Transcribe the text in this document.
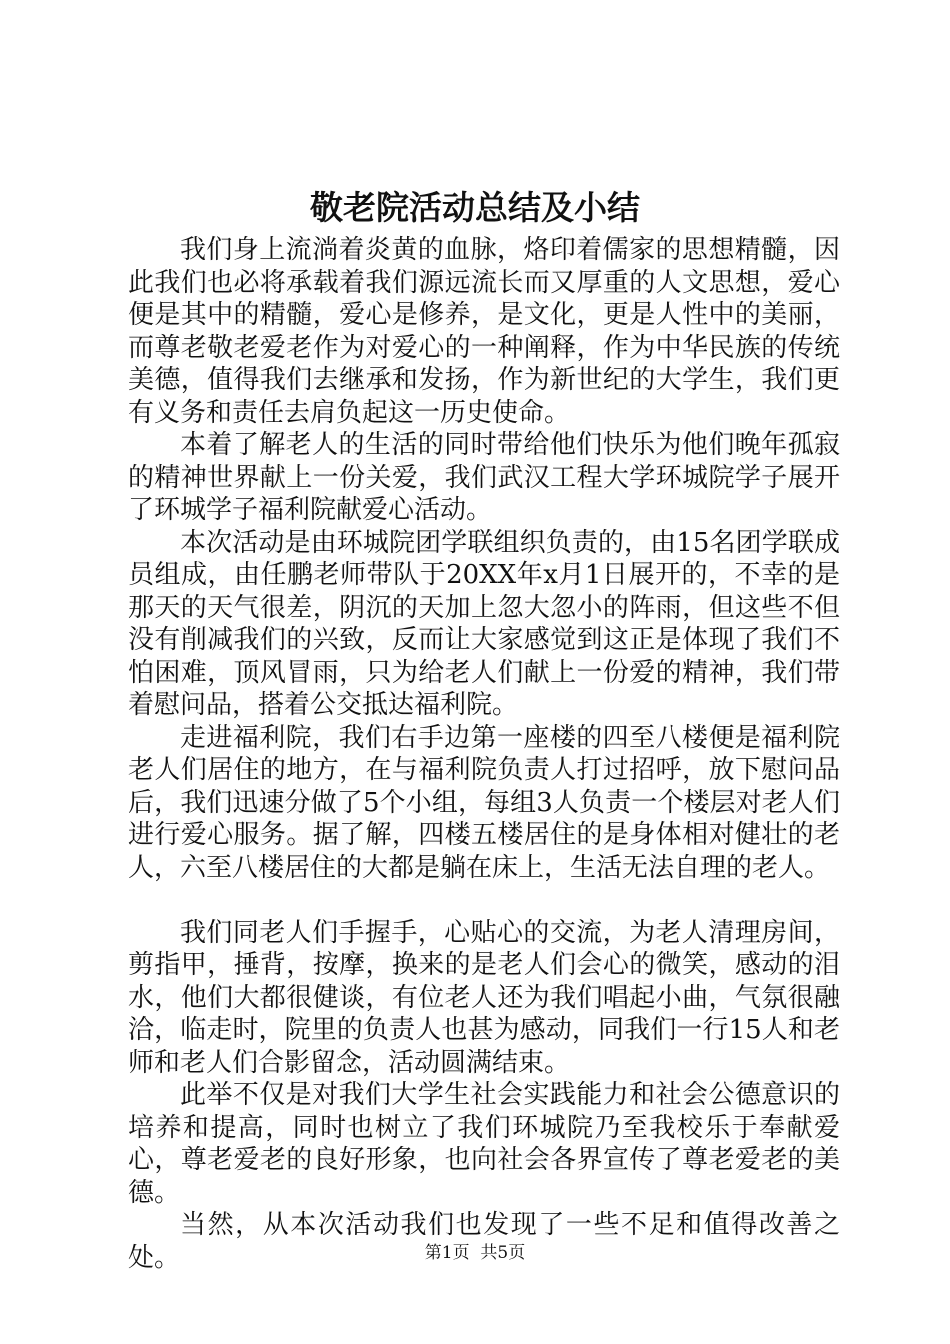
敬老院活动总结及小结

我们身上流淌着炎黄的血脉，烙印着儒家的思想精髓，因此我们也必将承载着我们源远流长而又厚重的人文思想，爱心便是其中的精髓，爱心是修养，是文化，更是人性中的美丽，而尊老敬老爱老作为对爱心的一种阐释，作为中华民族的传统美德，值得我们去继承和发扬，作为新世纪的大学生，我们更有义务和责任去肩负起这一历史使命。

本着了解老人的生活的同时带给他们快乐为他们晚年孤寂的精神世界献上一份关爱，我们武汉工程大学环城院学子展开了环城学子福利院献爱心活动。

本次活动是由环城院团学联组织负责的，由15名团学联成员组成，由任鹏老师带队于20XX年x月1日展开的，不幸的是那天的天气很差，阴沉的天加上忽大忽小的阵雨，但这些不但没有削减我们的兴致，反而让大家感觉到这正是体现了我们不怕困难，顶风冒雨，只为给老人们献上一份爱的精神，我们带着慰问品，搭着公交抵达福利院。

走进福利院，我们右手边第一座楼的四至八楼便是福利院老人们居住的地方，在与福利院负责人打过招呼，放下慰问品后，我们迅速分做了5个小组，每组3人负责一个楼层对老人们进行爱心服务。据了解，四楼五楼居住的是身体相对健壮的老人，六至八楼居住的大都是躺在床上，生活无法自理的老人。

我们同老人们手握手，心贴心的交流，为老人清理房间，剪指甲，捶背，按摩，换来的是老人们会心的微笑，感动的泪水，他们大都很健谈，有位老人还为我们唱起小曲，气氛很融洽，临走时，院里的负责人也甚为感动，同我们一行15人和老师和老人们合影留念，活动圆满结束。

此举不仅是对我们大学生社会实践能力和社会公德意识的培养和提高，同时也树立了我们环城院乃至我校乐于奉献爱心，尊老爱老的良好形象，也向社会各界宣传了尊老爱老的美德。

当然，从本次活动我们也发现了一些不足和值得改善之处。	第1页 共5页
